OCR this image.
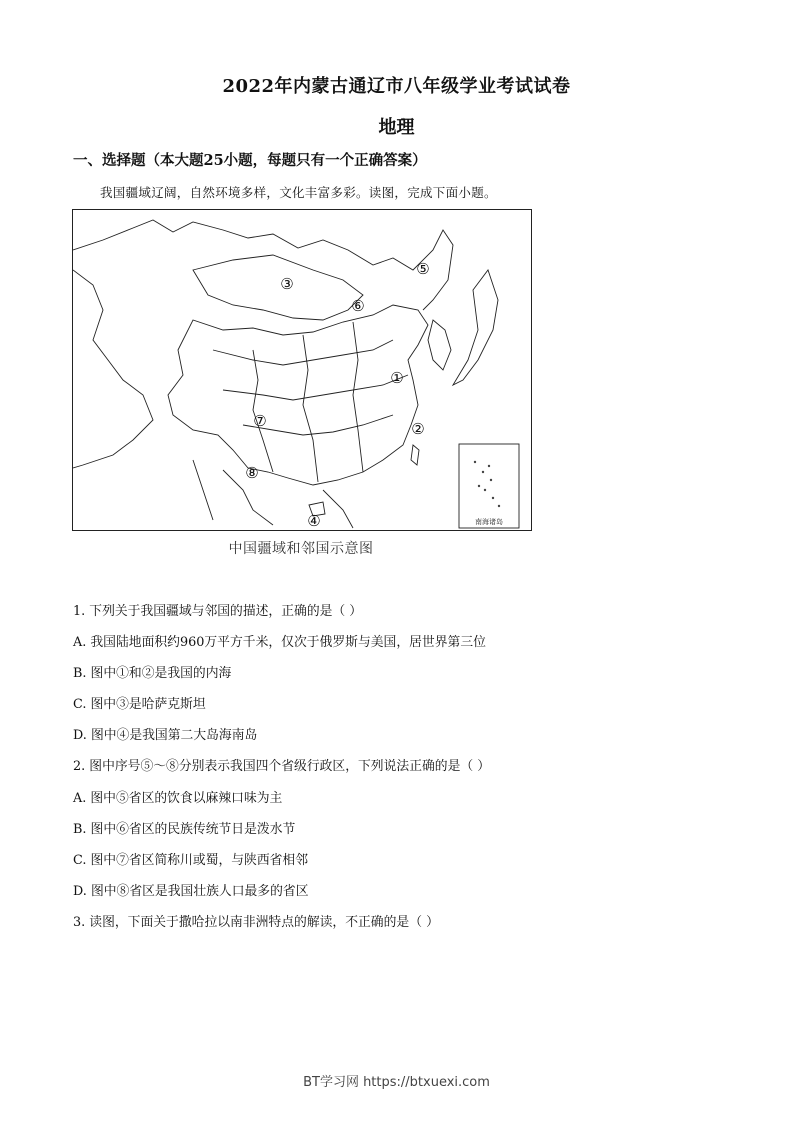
2022年内蒙古通辽市八年级学业考试试卷
地理
一、选择题（本大题25小题，每题只有一个正确答案）
我国疆域辽阔，自然环境多样，文化丰富多彩。读图，完成下面小题。
南海诸岛
①
②
③
④
⑤
⑥
⑦
⑧
中国疆域和邻国示意图
1. 下列关于我国疆域与邻国的描述，正确的是（ ）
A. 我国陆地面积约960万平方千米，仅次于俄罗斯与美国，居世界第三位
B. 图中①和②是我国的内海
C. 图中③是哈萨克斯坦
D. 图中④是我国第二大岛海南岛
2. 图中序号⑤～⑧分别表示我国四个省级行政区，下列说法正确的是（ ）
A. 图中⑤省区的饮食以麻辣口味为主
B. 图中⑥省区的民族传统节日是泼水节
C. 图中⑦省区简称川或蜀，与陕西省相邻
D. 图中⑧省区是我国壮族人口最多的省区
3. 读图，下面关于撒哈拉以南非洲特点的解读，不正确的是（ ）
BT学习网 https://btxuexi.com
